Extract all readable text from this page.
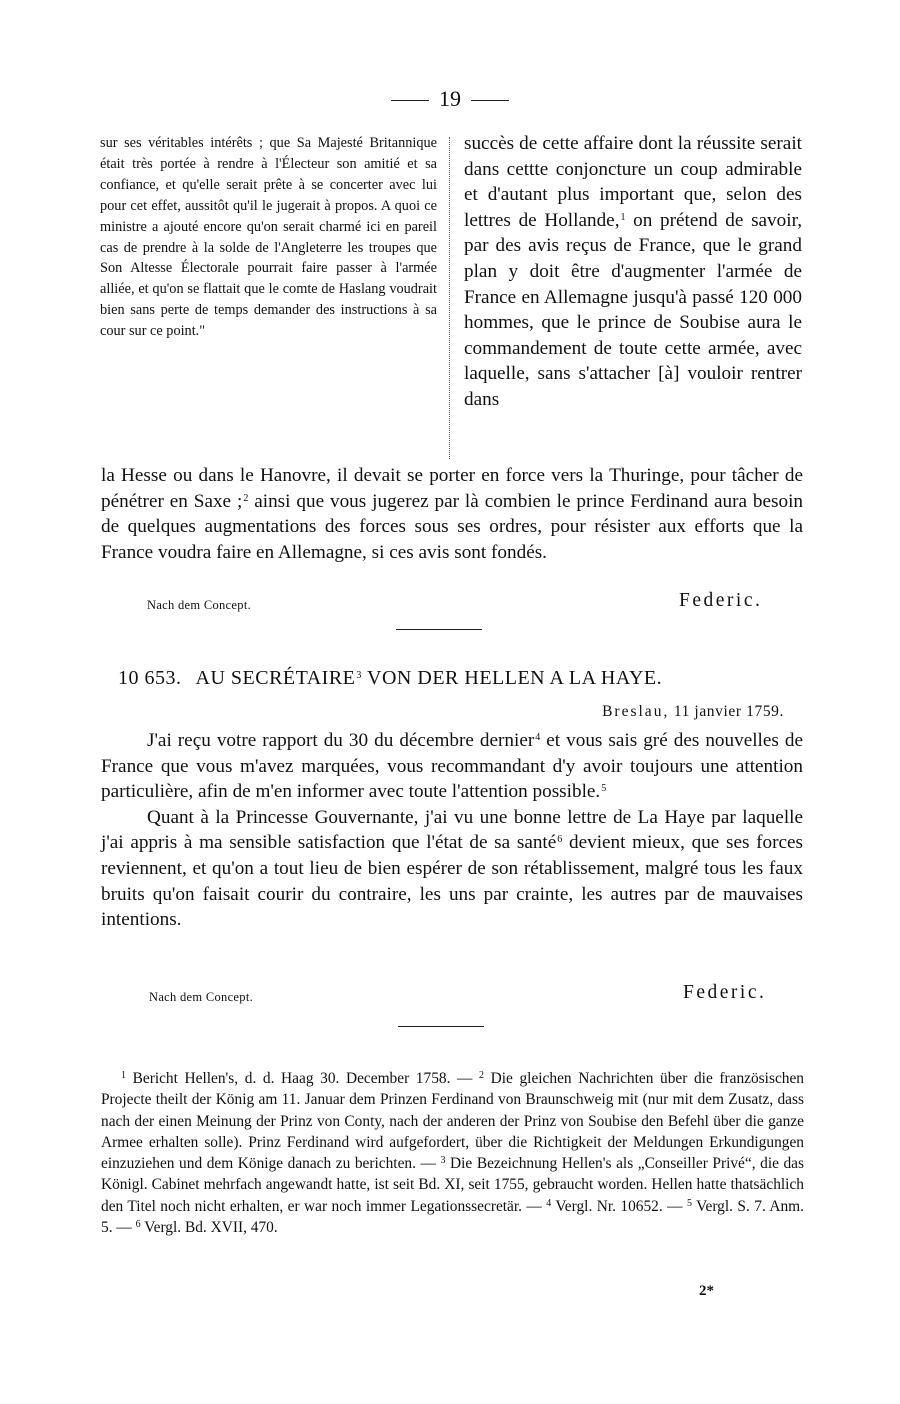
19

sur ses véritables intérêts ; que Sa Majesté Britannique était très portée à rendre à l'Électeur son amitié et sa confiance, et qu'elle serait prête à se concerter avec lui pour cet effet, aussitôt qu'il le jugerait à propos. A quoi ce ministre a ajouté encore qu'on serait charmé ici en pareil cas de prendre à la solde de l'Angleterre les troupes que Son Altesse Électorale pourrait faire passer à l'armée alliée, et qu'on se flattait que le comte de Haslang voudrait bien sans perte de temps demander des instructions à sa cour sur ce point."

succès de cette affaire dont la réussite serait dans cettte conjoncture un coup admirable et d'autant plus important que, selon des lettres de Hollande,$^1$ on prétend de savoir, par des avis reçus de France, que le grand plan y doit être d'augmenter l'armée de France en Allemagne jusqu'à passé 120 000 hommes, que le prince de Soubise aura le commandement de toute cette armée, avec laquelle, sans s'attacher [à] vouloir rentrer dans

la Hesse ou dans le Hanovre, il devait se porter en force vers la Thuringe, pour tâcher de pénétrer en Saxe ;$^2$ ainsi que vous jugerez par là combien le prince Ferdinand aura besoin de quelques augmentations des forces sous ses ordres, pour résister aux efforts que la France voudra faire en Allemagne, si ces avis sont fondés.

Nach dem Concept.	Federic.
10 653. AU SECRÉTAIRE$^3$ VON DER HELLEN A LA HAYE.
Breslau, 11 janvier 1759.

J'ai reçu votre rapport du 30 du décembre dernier$^4$ et vous sais gré des nouvelles de France que vous m'avez marquées, vous recommandant d'y avoir toujours une attention particulière, afin de m'en informer avec toute l'attention possible.$^5$

Quant à la Princesse Gouvernante, j'ai vu une bonne lettre de La Haye par laquelle j'ai appris à ma sensible satisfaction que l'état de sa santé$^6$ devient mieux, que ses forces reviennent, et qu'on a tout lieu de bien espérer de son rétablissement, malgré tous les faux bruits qu'on faisait courir du contraire, les uns par crainte, les autres par de mauvaises intentions.

Nach dem Concept.	Federic.

$^1$ Bericht Hellen's, d. d. Haag 30. December 1758. — $^2$ Die gleichen Nachrichten über die französischen Projecte theilt der König am 11. Januar dem Prinzen Ferdinand von Braunschweig mit (nur mit dem Zusatz, dass nach der einen Meinung der Prinz von Conty, nach der anderen der Prinz von Soubise den Befehl über die ganze Armee erhalten solle). Prinz Ferdinand wird aufgefordert, über die Richtigkeit der Meldungen Erkundigungen einzuziehen und dem Könige danach zu berichten. — $^3$ Die Bezeichnung Hellen's als „Conseiller Privé“, die das Königl. Cabinet mehrfach angewandt hatte, ist seit Bd. XI, seit 1755, gebraucht worden. Hellen hatte thatsächlich den Titel noch nicht erhalten, er war noch immer Legationssecretär. — $^4$ Vergl. Nr. 10652. — $^5$ Vergl. S. 7. Anm. 5. — $^6$ Vergl. Bd. XVII, 470.

2*
